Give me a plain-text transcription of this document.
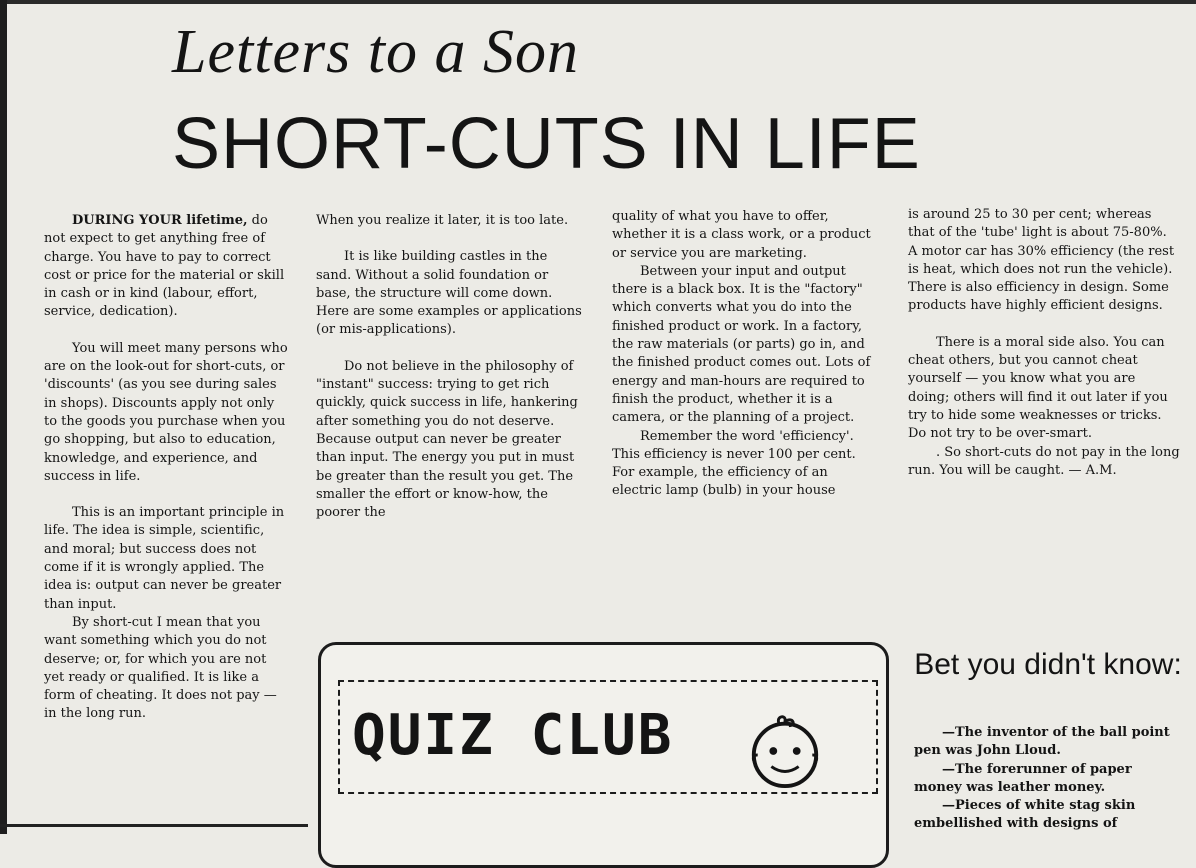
Letters to a Son
SHORT-CUTS IN LIFE

DURING YOUR lifetime, do not expect to get anything free of charge. You have to pay to correct cost or price for the material or skill in cash or in kind (labour, effort, service, dedication).

You will meet many persons who are on the look-out for short-cuts, or 'discounts' (as you see during sales in shops). Discounts apply not only to the goods you purchase when you go shopping, but also to education, knowledge, and experience, and success in life.

This is an important principle in life. The idea is simple, scientific, and moral; but success does not come if it is wrongly applied. The idea is: output can never be greater than input.

By short-cut I mean that you want something which you do not deserve; or, for which you are not yet ready or qualified. It is like a form of cheating. It does not pay — in the long run.

When you realize it later, it is too late.

It is like building castles in the sand. Without a solid foundation or base, the structure will come down. Here are some examples or applications (or mis-applications).

Do not believe in the philosophy of "instant" success: trying to get rich quickly, quick success in life, hankering after something you do not deserve. Because output can never be greater than input. The energy you put in must be greater than the result you get. The smaller the effort or know-how, the poorer the

quality of what you have to offer, whether it is a class work, or a product or service you are marketing.

Between your input and output there is a black box. It is the "factory" which converts what you do into the finished product or work. In a factory, the raw materials (or parts) go in, and the finished product comes out. Lots of energy and man-hours are required to finish the product, whether it is a camera, or the planning of a project.

Remember the word 'efficiency'. This efficiency is never 100 per cent. For example, the efficiency of an electric lamp (bulb) in your house

is around 25 to 30 per cent; whereas that of the 'tube' light is about 75-80%. A motor car has 30% efficiency (the rest is heat, which does not run the vehicle). There is also efficiency in design. Some products have highly efficient designs.

There is a moral side also. You can cheat others, but you cannot cheat yourself — you know what you are doing; others will find it out later if you try to hide some weaknesses or tricks. Do not try to be over-smart.

. So short-cuts do not pay in the long run. You will be caught. — A.M.

QUIZ CLUB
Bet you didn't know:

—The inventor of the ball point pen was John Lloud.

—The forerunner of paper money was leather money.

—Pieces of white stag skin embellished with designs of
